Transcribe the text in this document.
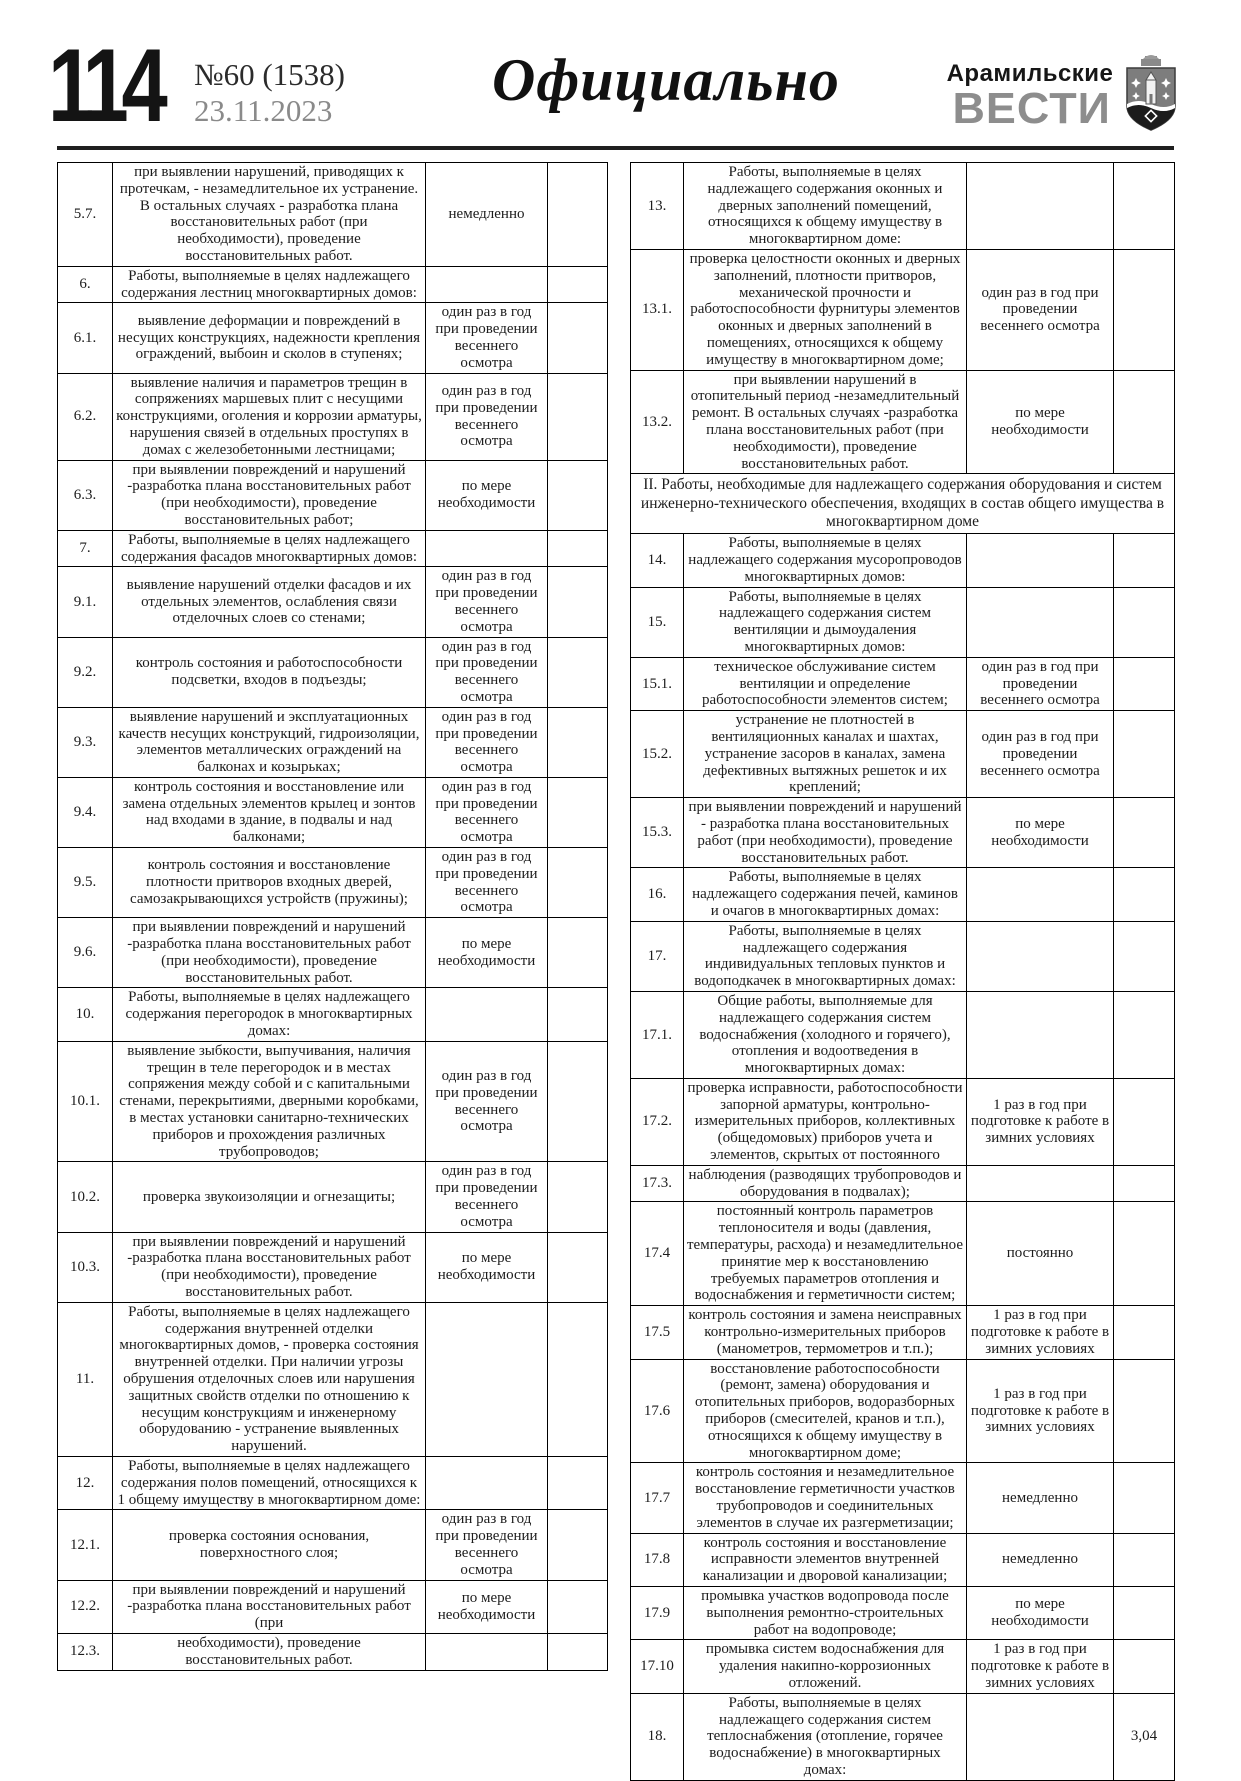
114 №60 (1538)
23.11.2023	Официально	Арамильские
ВЕСТИ
5.7.	при выявлении нарушений, приводящих к протечкам, - незамедлительное их устранение. В остальных случаях - разработка плана восстановительных работ (при необходимости), проведение восстановительных работ.	немедленно	
6.	Работы, выполняемые в целях надлежащего содержания лестниц многоквартирных домов:		
6.1.	выявление деформации и повреждений в несущих конструкциях, надежности крепления ограждений, выбоин и сколов в ступенях;	один раз в год при проведении весеннего осмотра	
6.2.	выявление наличия и параметров трещин в сопряжениях маршевых плит с несущими конструкциями, оголения и коррозии арматуры, нарушения связей в отдельных проступях в домах с железобетонными лестницами;	один раз в год при проведении весеннего осмотра	
6.3.	при выявлении повреждений и нарушений -разработка плана восстановительных работ (при необходимости), проведение восстановительных работ;	по мере необходимости	
7.	Работы, выполняемые в целях надлежащего содержания фасадов многоквартирных домов:		
9.1.	выявление нарушений отделки фасадов и их отдельных элементов, ослабления связи отделочных слоев со стенами;	один раз в год при проведении весеннего осмотра	
9.2.	контроль состояния и работоспособности подсветки, входов в подъезды;	один раз в год при проведении весеннего осмотра	
9.3.	выявление нарушений и эксплуатационных качеств несущих конструкций, гидроизоляции, элементов металлических ограждений на балконах и козырьках;	один раз в год при проведении весеннего осмотра	
9.4.	контроль состояния и восстановление или замена отдельных элементов крылец и зонтов над входами в здание, в подвалы и над балконами;	один раз в год при проведении весеннего осмотра	
9.5.	контроль состояния и восстановление плотности притворов входных дверей, самозакрывающихся устройств (пружины);	один раз в год при проведении весеннего осмотра	
9.6.	при выявлении повреждений и нарушений -разработка плана восстановительных работ (при необходимости), проведение восстановительных работ.	по мере необходимости	
10.	Работы, выполняемые в целях надлежащего содержания перегородок в многоквартирных домах:		
10.1.	выявление зыбкости, выпучивания, наличия трещин в теле перегородок и в местах сопряжения между собой и с капитальными стенами, перекрытиями, дверными коробками, в местах установки санитарно-технических приборов и прохождения различных трубопроводов;	один раз в год при проведении весеннего осмотра	
10.2.	проверка звукоизоляции и огнезащиты;	один раз в год при проведении весеннего осмотра	
10.3.	при выявлении повреждений и нарушений -разработка плана восстановительных работ (при необходимости), проведение восстановительных работ.	по мере необходимости	
11.	Работы, выполняемые в целях надлежащего содержания внутренней отделки многоквартирных домов, - проверка состояния внутренней отделки. При наличии угрозы обрушения отделочных слоев или нарушения защитных свойств отделки по отношению к несущим конструкциям и инженерному оборудованию - устранение выявленных нарушений.		
12.	Работы, выполняемые в целях надлежащего содержания полов помещений, относящихся к 1 общему имуществу в многоквартирном доме:		
12.1.	проверка состояния основания, поверхностного слоя;	один раз в год при проведении весеннего осмотра	
12.2.	при выявлении повреждений и нарушений -разработка плана восстановительных работ (при	по мере необходимости	
12.3.	необходимости), проведение восстановительных работ.		
13.	Работы, выполняемые в целях надлежащего содержания оконных и дверных заполнений помещений, относящихся к общему имуществу в многоквартирном доме:		
13.1.	проверка целостности оконных и дверных заполнений, плотности притворов, механической прочности и работоспособности фурнитуры элементов оконных и дверных заполнений в помещениях, относящихся к общему имуществу в многоквартирном доме;	один раз в год при проведении весеннего осмотра	
13.2.	при выявлении нарушений в отопительный период -незамедлительный ремонт. В остальных случаях -разработка плана восстановительных работ (при необходимости), проведение восстановительных работ.	по мере необходимости	
II. Работы, необходимые для надлежащего содержания оборудования и систем инженерно-технического обеспечения, входящих в состав общего имущества в многоквартирном доме			
14.	Работы, выполняемые в целях надлежащего содержания мусоропроводов многоквартирных домов:		
15.	Работы, выполняемые в целях надлежащего содержания систем вентиляции и дымоудаления многоквартирных домов:		
15.1.	техническое обслуживание систем вентиляции и определение работоспособности элементов систем;	один раз в год при проведении весеннего осмотра	
15.2.	устранение не плотностей в вентиляционных каналах и шахтах, устранение засоров в каналах, замена дефективных вытяжных решеток и их креплений;	один раз в год при проведении весеннего осмотра	
15.3.	при выявлении повреждений и нарушений - разработка плана восстановительных работ (при необходимости), проведение восстановительных работ.	по мере необходимости	
16.	Работы, выполняемые в целях надлежащего содержания печей, каминов и очагов в многоквартирных домах:		
17.	Работы, выполняемые в целях надлежащего содержания индивидуальных тепловых пунктов и водоподкачек в многоквартирных домах:		
17.1.	Общие работы, выполняемые для надлежащего содержания систем водоснабжения (холодного и горячего), отопления и водоотведения в многоквартирных домах:		
17.2.	проверка исправности, работоспособности запорной арматуры, контрольно-измерительных приборов, коллективных (общедомовых) приборов учета и элементов, скрытых от постоянного	1 раз в год при подготовке к работе в зимних условиях	
17.3.	наблюдения (разводящих трубопроводов и оборудования в подвалах);		
17.4	постоянный контроль параметров теплоносителя и воды (давления, температуры, расхода) и незамедлительное принятие мер к восстановлению требуемых параметров отопления и водоснабжения и герметичности систем;	постоянно	
17.5	контроль состояния и замена неисправных контрольно-измерительных приборов (манометров, термометров и т.п.);	1 раз в год при подготовке к работе в зимних условиях	
17.6	восстановление работоспособности (ремонт, замена) оборудования и отопительных приборов, водоразборных приборов (смесителей, кранов и т.п.), относящихся к общему имуществу в многоквартирном доме;	1 раз в год при подготовке к работе в зимних условиях	
17.7	контроль состояния и незамедлительное восстановление герметичности участков трубопроводов и соединительных элементов в случае их разгерметизации;	немедленно	
17.8	контроль состояния и восстановление исправности элементов внутренней канализации и дворовой канализации;	немедленно	
17.9	промывка участков водопровода после выполнения ремонтно-строительных работ на водопроводе;	по мере необходимости	
17.10	промывка систем водоснабжения для удаления накипно-коррозионных отложений.	1 раз в год при подготовке к работе в зимних условиях	
18.	Работы, выполняемые в целях надлежащего содержания систем теплоснабжения (отопление, горячее водоснабжение) в многоквартирных домах:		3,04
